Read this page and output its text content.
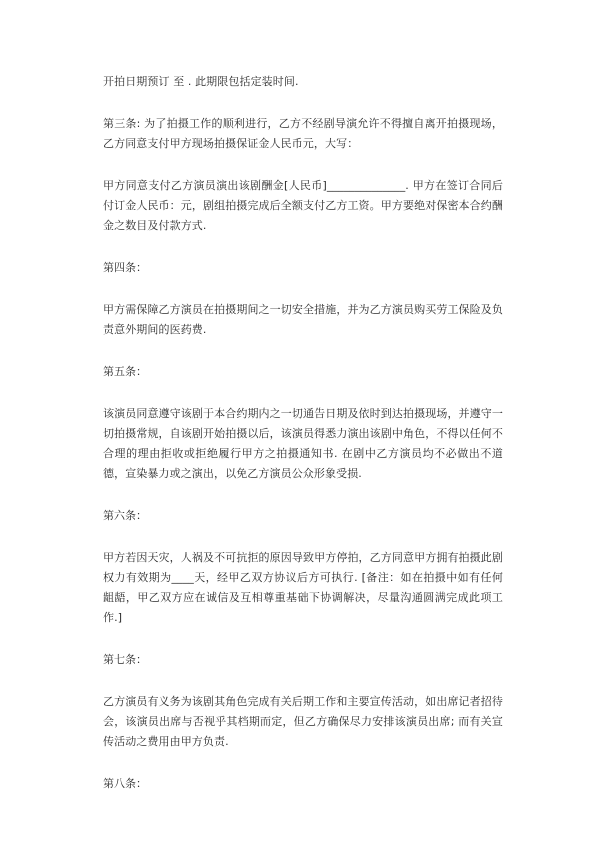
开拍日期预订 至 . 此期限包括定装时间.

第三条: 为了拍摄工作的顺利进行，乙方不经剧导演允许不得擅自离开拍摄现场，乙方同意支付甲方现场拍摄保证金人民币元，大写：

甲方同意支付乙方演员演出该剧酬金[人民币]______________. 甲方在签订合同后付订金人民币：元，剧组拍摄完成后全额支付乙方工资。甲方要绝对保密本合约酬金之数目及付款方式.

第四条：

甲方需保障乙方演员在拍摄期间之一切安全措施，并为乙方演员购买劳工保险及负责意外期间的医药费.

第五条：

该演员同意遵守该剧于本合约期内之一切通告日期及依时到达拍摄现场，并遵守一切拍摄常规，自该剧开始拍摄以后，该演员得悉力演出该剧中角色，不得以任何不合理的理由拒收或拒绝履行甲方之拍摄通知书. 在剧中乙方演员均不必做出不道德，宣染暴力或之演出，以免乙方演员公众形象受损.

第六条：

甲方若因天灾，人祸及不可抗拒的原因导致甲方停拍，乙方同意甲方拥有拍摄此剧权力有效期为____天，经甲乙双方协议后方可执行. [备注：如在拍摄中如有任何龃龉，甲乙双方应在诚信及互相尊重基础下协调解决，尽量沟通圆满完成此项工作.]

第七条：

乙方演员有义务为该剧其角色完成有关后期工作和主要宣传活动，如出席记者招待会，该演员出席与否视乎其档期而定，但乙方确保尽力安排该演员出席; 而有关宣传活动之费用由甲方负责.

第八条：
